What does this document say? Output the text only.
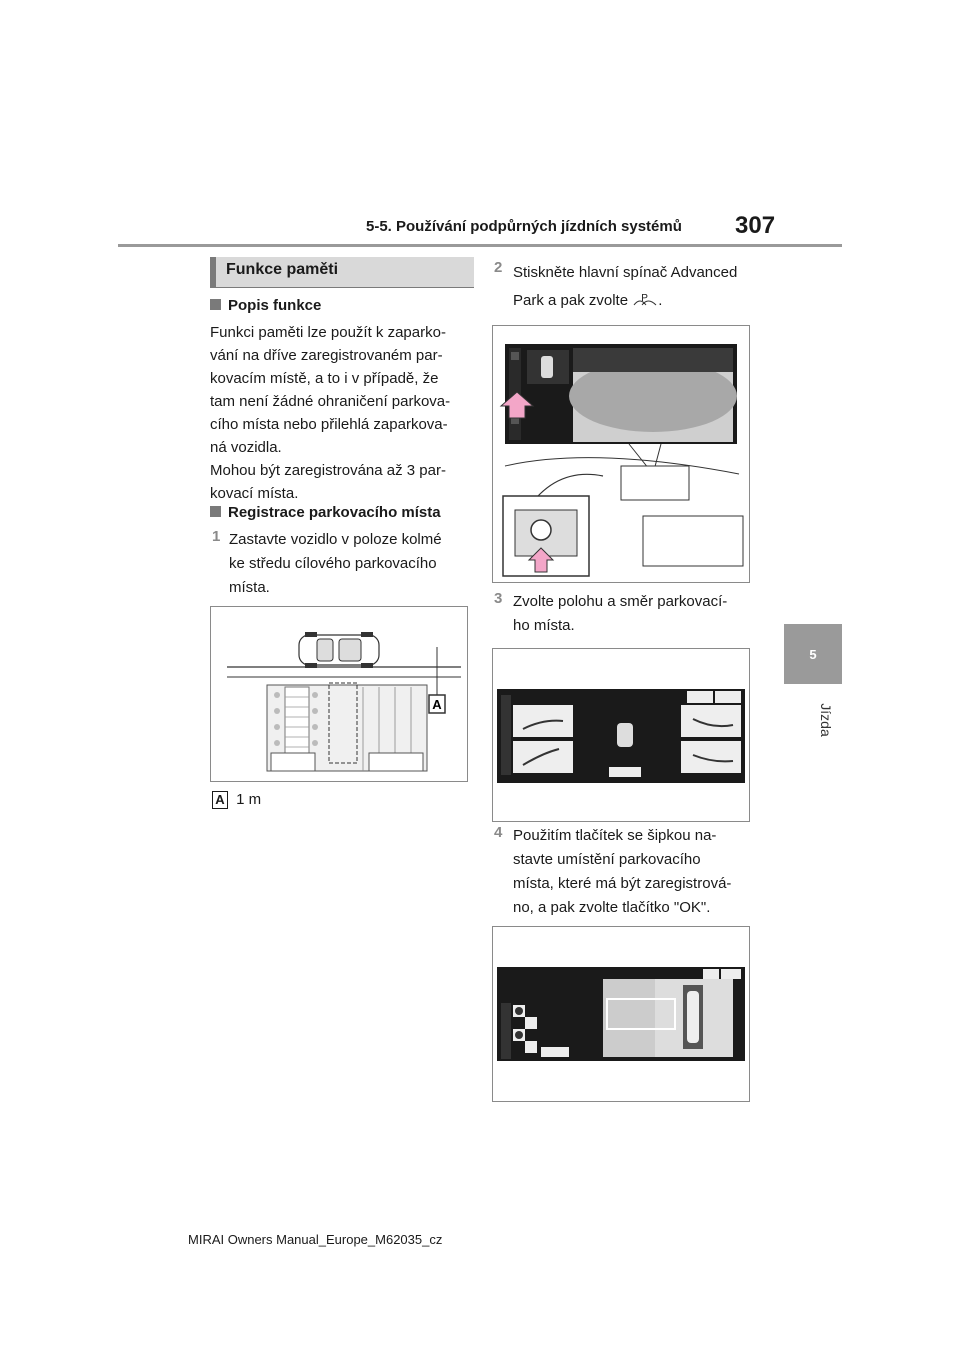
5-5. Používání podpůrných jízdních systémů 307
5
Jízda
Funkce paměti
Popis funkce
Funkci paměti lze použít k zaparko-
vání na dříve zaregistrovaném par-
kovacím místě, a to i v případě, že
tam není žádné ohraničení parkova-
cího místa nebo přilehlá zaparkova-
ná vozidla.
Mohou být zaregistrována až 3 par-
kovací místa.
Registrace parkovacího místa
1 Zastavte vozidlo v poloze kolmé
ke středu cílového parkovacího
místa.
A
A 1 m
2 Stiskněte hlavní spínač Advanced
Park a pak zvolte P .
3 Zvolte polohu a směr parkovací-
ho místa.
4 Použitím tlačítek se šipkou na-
stavte umístění parkovacího
místa, které má být zaregistrová-
no, a pak zvolte tlačítko "OK".
MIRAI Owners Manual_Europe_M62035_cz
